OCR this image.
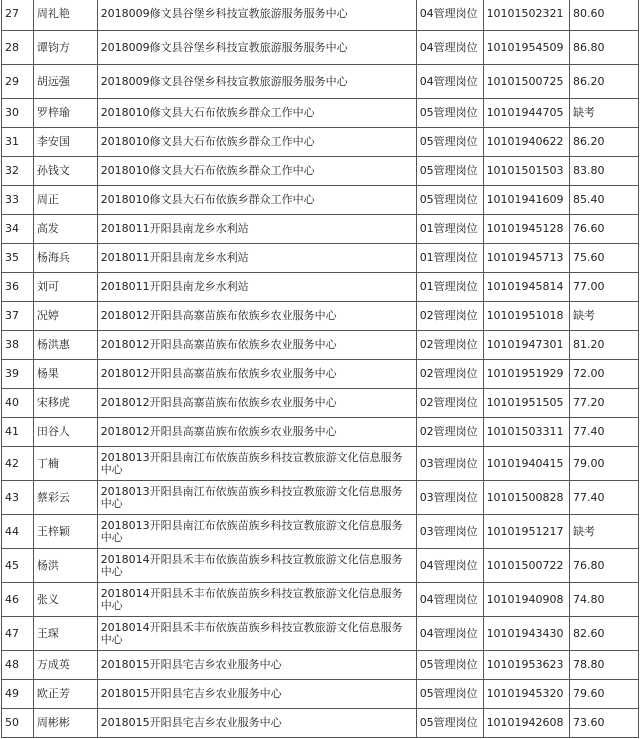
27	周礼艳	2018009修文县谷堡乡科技宣教旅游服务服务中心	04管理岗位	10101502321	80.60
28	谭钧方	2018009修文县谷堡乡科技宣教旅游服务服务中心	04管理岗位	10101954509	86.80
29	胡远强	2018009修文县谷堡乡科技宣教旅游服务服务中心	04管理岗位	10101500725	86.20
30	罗梓瑜	2018010修文县大石布依族乡群众工作中心	05管理岗位	10101944705	缺考
31	李安国	2018010修文县大石布依族乡群众工作中心	05管理岗位	10101940622	86.20
32	孙钱文	2018010修文县大石布依族乡群众工作中心	05管理岗位	10101501503	83.80
33	周正	2018010修文县大石布依族乡群众工作中心	05管理岗位	10101941609	85.40
34	高发	2018011开阳县南龙乡水利站	01管理岗位	10101945128	76.60
35	杨海兵	2018011开阳县南龙乡水利站	01管理岗位	10101945713	75.60
36	刘可	2018011开阳县南龙乡水利站	01管理岗位	10101945814	77.00
37	况婷	2018012开阳县高寨苗族布依族乡农业服务中心	02管理岗位	10101951018	缺考
38	杨洪惠	2018012开阳县高寨苗族布依族乡农业服务中心	02管理岗位	10101947301	81.20
39	杨果	2018012开阳县高寨苗族布依族乡农业服务中心	02管理岗位	10101951929	72.00
40	宋移虎	2018012开阳县高寨苗族布依族乡农业服务中心	02管理岗位	10101951505	77.20
41	田谷人	2018012开阳县高寨苗族布依族乡农业服务中心	02管理岗位	10101503311	77.40
42	丁楠	2018013开阳县南江布依族苗族乡科技宣教旅游文化信息服务中心	03管理岗位	10101940415	79.00
43	蔡彩云	2018013开阳县南江布依族苗族乡科技宣教旅游文化信息服务中心	03管理岗位	10101500828	77.40
44	王梓颖	2018013开阳县南江布依族苗族乡科技宣教旅游文化信息服务中心	03管理岗位	10101951217	缺考
45	杨洪	2018014开阳县禾丰布依族苗族乡科技宣教旅游文化信息服务中心	04管理岗位	10101500722	76.80
46	张义	2018014开阳县禾丰布依族苗族乡科技宣教旅游文化信息服务中心	04管理岗位	10101940908	74.80
47	王琛	2018014开阳县禾丰布依族苗族乡科技宣教旅游文化信息服务中心	04管理岗位	10101943430	82.60
48	万成英	2018015开阳县宅吉乡农业服务中心	05管理岗位	10101953623	78.80
49	欧正芳	2018015开阳县宅吉乡农业服务中心	05管理岗位	10101945320	79.60
50	周彬彬	2018015开阳县宅吉乡农业服务中心	05管理岗位	10101942608	73.60
